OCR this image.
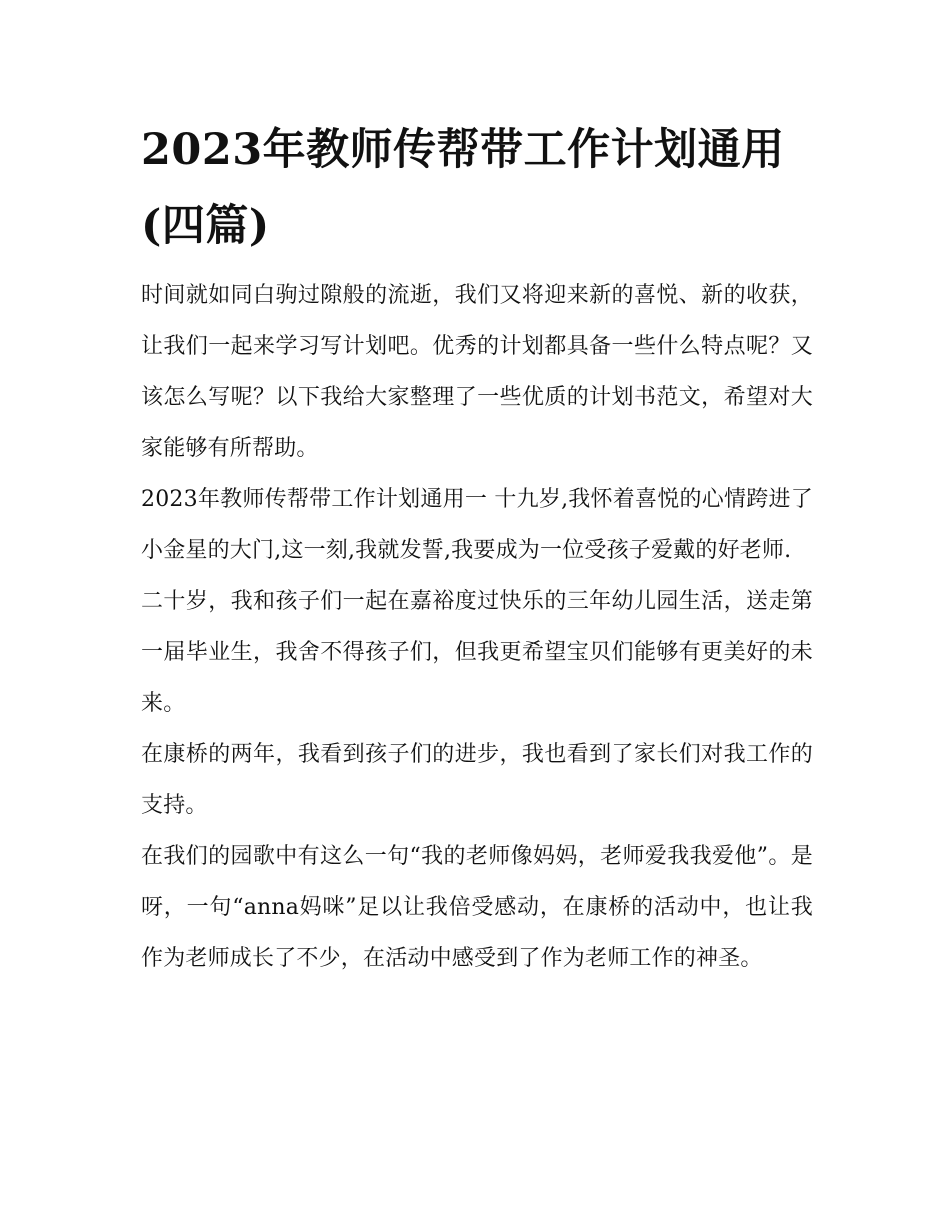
2023年教师传帮带工作计划通用(四篇)

时间就如同白驹过隙般的流逝，我们又将迎来新的喜悦、新的收获，让我们一起来学习写计划吧。优秀的计划都具备一些什么特点呢？又该怎么写呢？以下我给大家整理了一些优质的计划书范文，希望对大家能够有所帮助。

2023年教师传帮带工作计划通用一 十九岁,我怀着喜悦的心情跨进了小金星的大门,这一刻,我就发誓,我要成为一位受孩子爱戴的好老师.

二十岁，我和孩子们一起在嘉裕度过快乐的三年幼儿园生活，送走第一届毕业生，我舍不得孩子们，但我更希望宝贝们能够有更美好的未来。

在康桥的两年，我看到孩子们的进步，我也看到了家长们对我工作的支持。

在我们的园歌中有这么一句“我的老师像妈妈，老师爱我我爱他”。是呀，一句“anna妈咪”足以让我倍受感动，在康桥的活动中，也让我作为老师成长了不少，在活动中感受到了作为老师工作的神圣。
